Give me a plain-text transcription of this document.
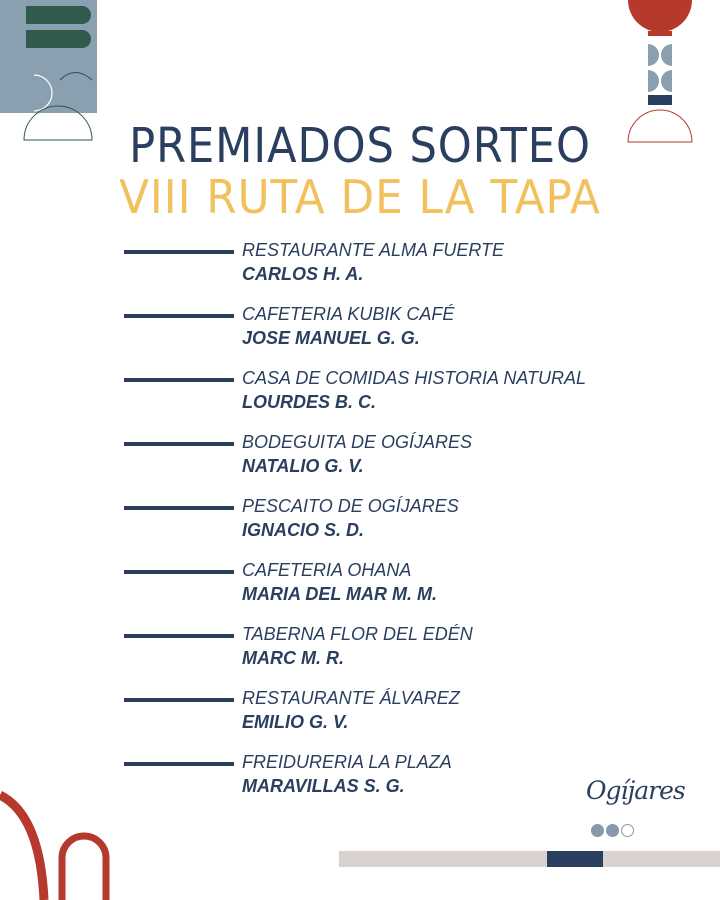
PREMIADOS SORTEO
VIII RUTA DE LA TAPA
RESTAURANTE ALMA FUERTE
CARLOS H. A.
CAFETERIA KUBIK CAFÉ
JOSE MANUEL G. G.
CASA DE COMIDAS HISTORIA NATURAL
LOURDES B. C.
BODEGUITA DE OGÍJARES
NATALIO G. V.
PESCAITO DE OGÍJARES
IGNACIO S. D.
CAFETERIA OHANA
MARIA DEL MAR M. M.
TABERNA FLOR DEL EDÉN
MARC M. R.
RESTAURANTE ÁLVAREZ
EMILIO G. V.
FREIDURERIA LA PLAZA
MARAVILLAS S. G.	Ogíjares
